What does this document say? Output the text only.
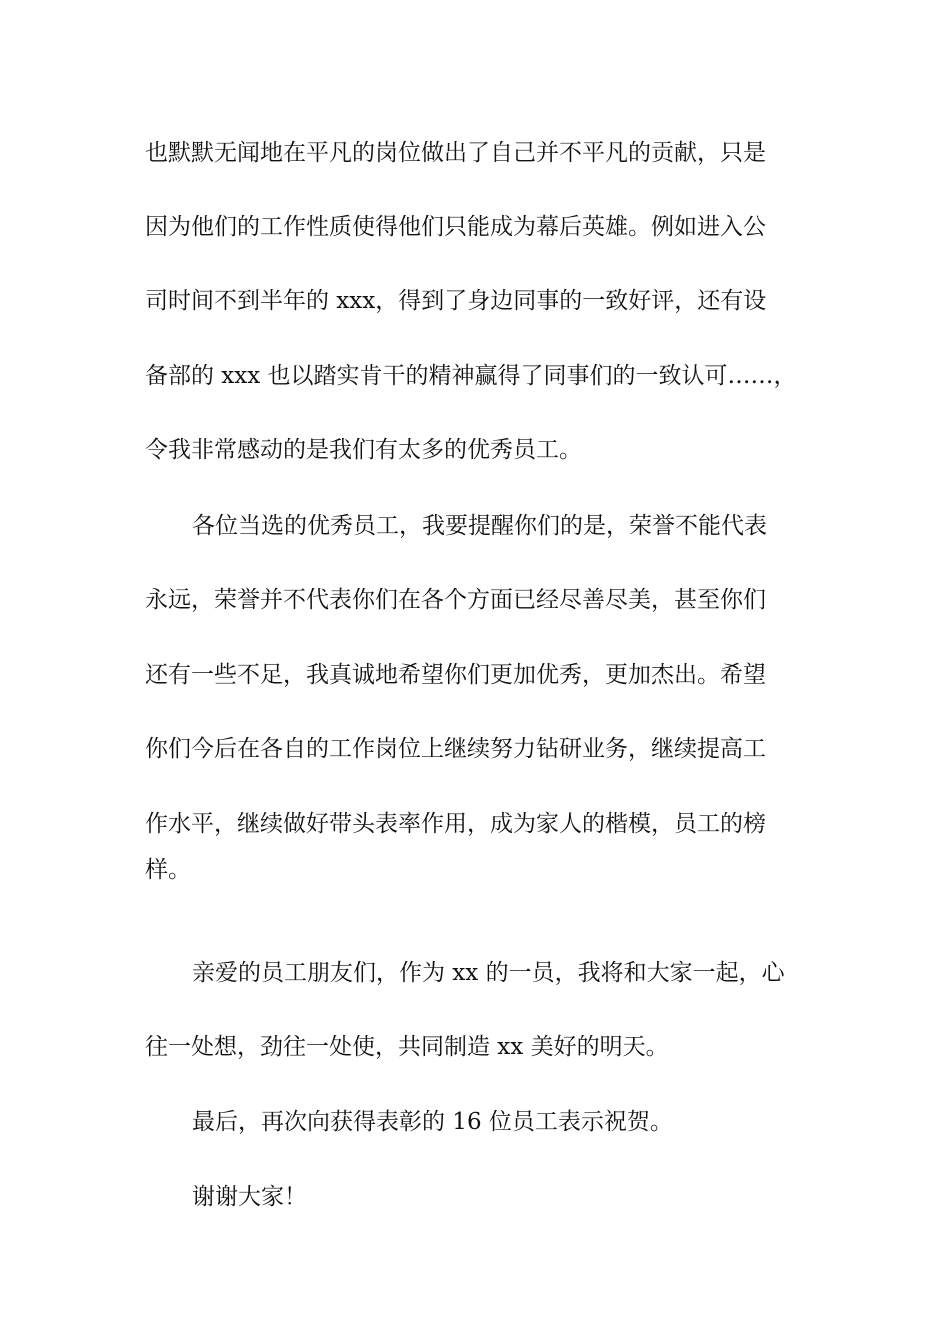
也默默无闻地在平凡的岗位做出了自己并不平凡的贡献，只是
因为他们的工作性质使得他们只能成为幕后英雄。例如进入公
司时间不到半年的 xxx，得到了身边同事的一致好评，还有设
备部的 xxx 也以踏实肯干的精神赢得了同事们的一致认可……，
令我非常感动的是我们有太多的优秀员工。
各位当选的优秀员工，我要提醒你们的是，荣誉不能代表
永远，荣誉并不代表你们在各个方面已经尽善尽美，甚至你们
还有一些不足，我真诚地希望你们更加优秀，更加杰出。希望
你们今后在各自的工作岗位上继续努力钻研业务，继续提高工
作水平，继续做好带头表率作用，成为家人的楷模，员工的榜
样。
亲爱的员工朋友们，作为 xx 的一员，我将和大家一起，心
往一处想，劲往一处使，共同制造 xx 美好的明天。
最后，再次向获得表彰的 16 位员工表示祝贺。
谢谢大家！
